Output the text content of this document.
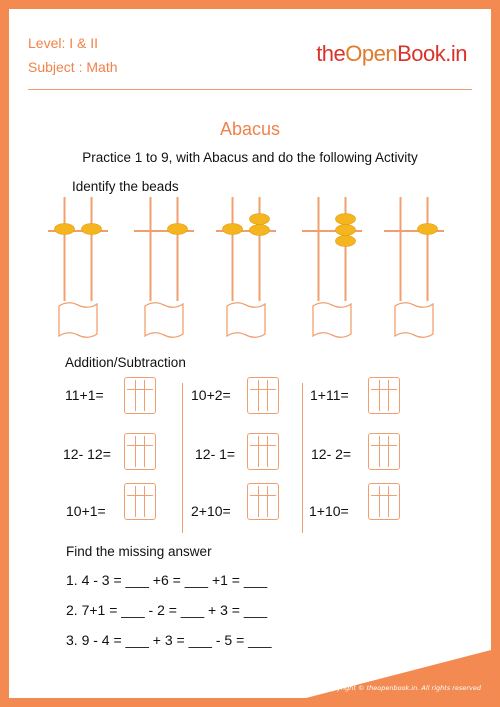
Level: I & II
Subject : Math
theOpenBook.in
Abacus
Practice 1 to 9, with Abacus and do the following Activity
Identify the beads
Addition/Subtraction
11+1=
12- 12=
10+1=
10+2=
12- 1=
2+10=
1+11=
12- 2=
1+10=
Find the missing answer
1. 4 - 3 = ___ +6 = ___ +1 = ___
2. 7+1 = ___ - 2 = ___ + 3 = ___
3. 9 - 4 = ___ + 3 = ___ - 5 = ___
Copyright © theopenbook.in. All rights reserved
